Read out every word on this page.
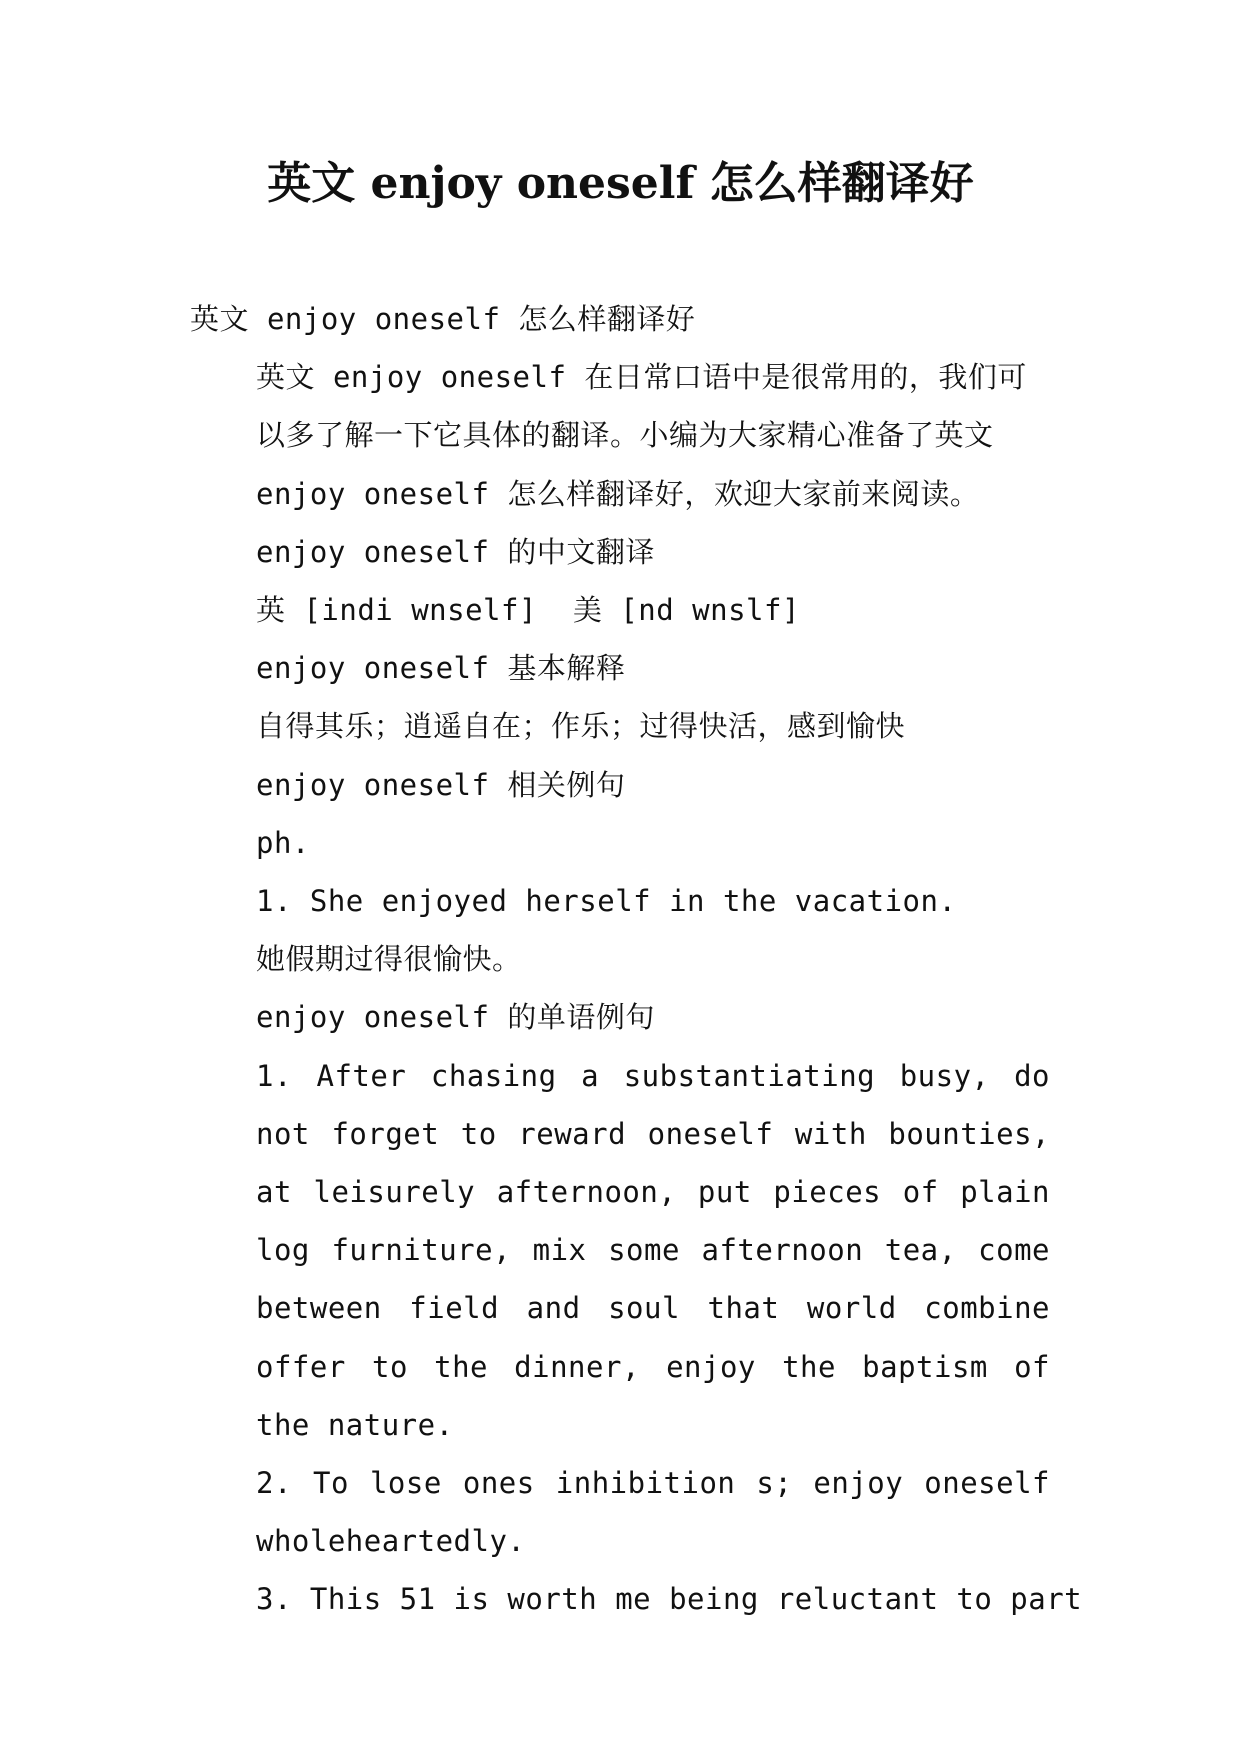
英文 enjoy oneself 怎么样翻译好

英文 enjoy oneself 怎么样翻译好

英文 enjoy oneself 在日常口语中是很常用的，我们可以多了解一下它具体的翻译。小编为大家精心准备了英文 enjoy oneself 怎么样翻译好，欢迎大家前来阅读。

enjoy oneself 的中文翻译

英 [indi wnself]  美 [nd wnslf]

enjoy oneself 基本解释

自得其乐；逍遥自在；作乐；过得快活，感到愉快

enjoy oneself 相关例句

ph.

1. She enjoyed herself in the vacation.

她假期过得很愉快。

enjoy oneself 的单语例句

1. After chasing a substantiating busy, do not forget to reward oneself with bounties, at leisurely afternoon, put pieces of plain log furniture, mix some afternoon tea, come between field and soul that world combine offer to the dinner, enjoy the baptism of the nature.

2. To lose ones inhibition s; enjoy oneself wholeheartedly.

3. This 51 is worth me being reluctant to part
